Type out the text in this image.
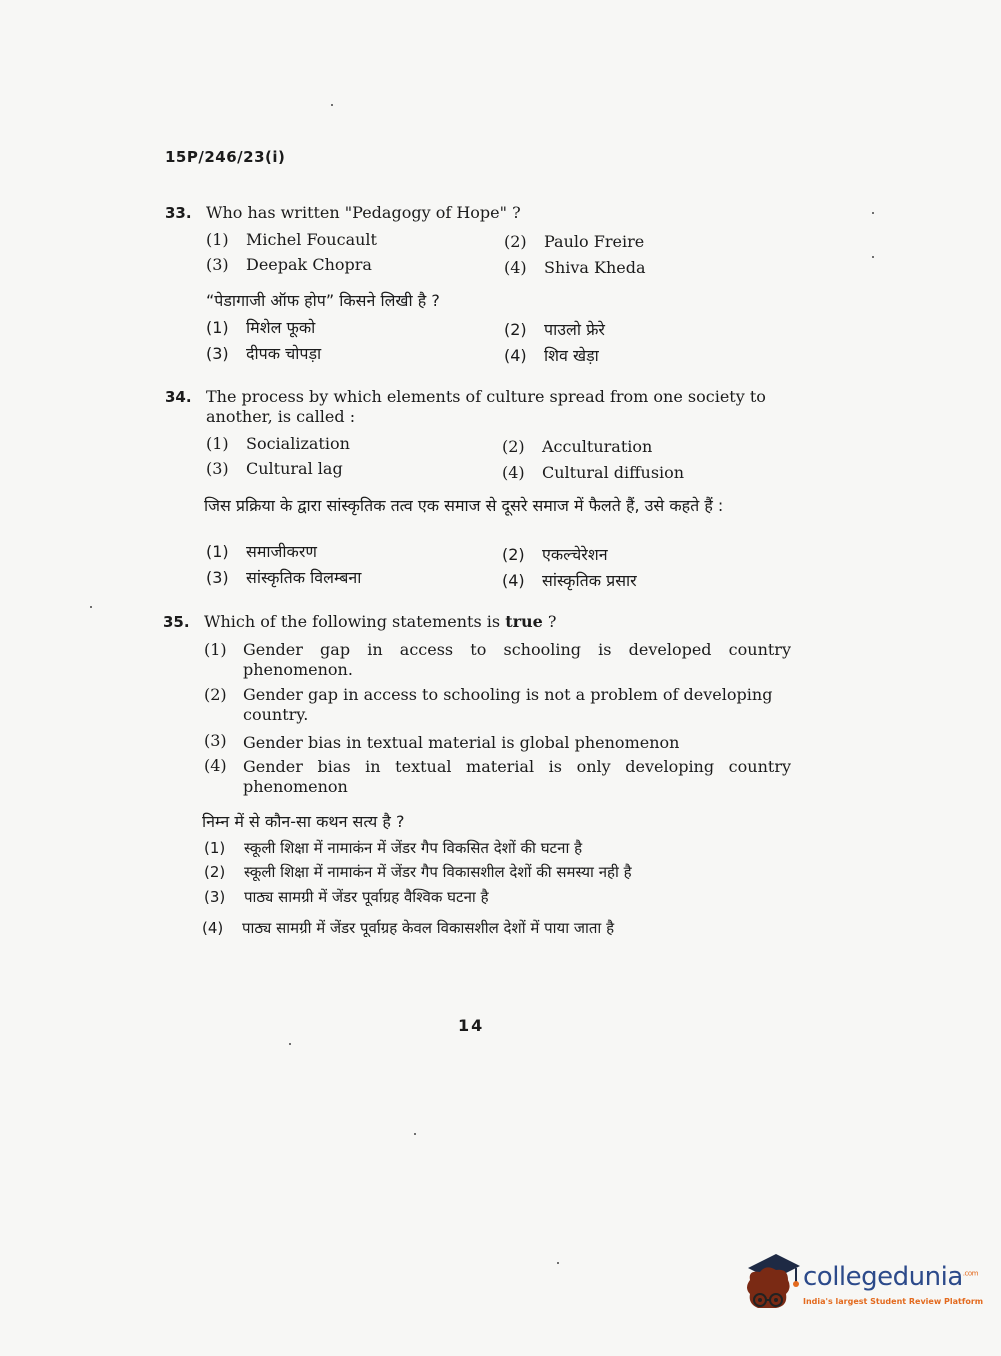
15P/246/23(i)
33. Who has written "Pedagogy of Hope" ?
(1) Michel Foucault	(2) Paulo Freire
(3) Deepak Chopra	(4) Shiva Kheda
“पेडागाजी ऑफ होप” किसने लिखी है ?
(1) मिशेल फूको	(2) पाउलो फ्रेरे
(3) दीपक चोपड़ा	(4) शिव खेड़ा
34. The process by which elements of culture spread from one society to another, is called :
(1) Socialization	(2) Acculturation
(3) Cultural lag	(4) Cultural diffusion
जिस प्रक्रिया के द्वारा सांस्कृतिक तत्व एक समाज से दूसरे समाज में फैलते हैं, उसे कहते हैं :
(1) समाजीकरण	(2) एकल्चेरेशन
(3) सांस्कृतिक विलम्बना	(4) सांस्कृतिक प्रसार
35. Which of the following statements is true ?
(1)	Gender gap in access to schooling is developed country phenomenon.
(2)	Gender gap in access to schooling is not a problem of developing country.
(3)	Gender bias in textual material is global phenomenon
(4)	Gender bias in textual material is only developing country phenomenon
निम्न में से कौन-सा कथन सत्य है ?
(1) स्कूली शिक्षा में नामाकंन में जेंडर गैप विकसित देशों की घटना है
(2) स्कूली शिक्षा में नामाकंन में जेंडर गैप विकासशील देशों की समस्या नही है
(3) पाठ्य सामग्री में जेंडर पूर्वाग्रह वैश्विक घटना है
(4) पाठ्य सामग्री में जेंडर पूर्वाग्रह केवल विकासशील देशों में पाया जाता है
14
collegedunia$^{.com}$
India's largest Student Review Platform
